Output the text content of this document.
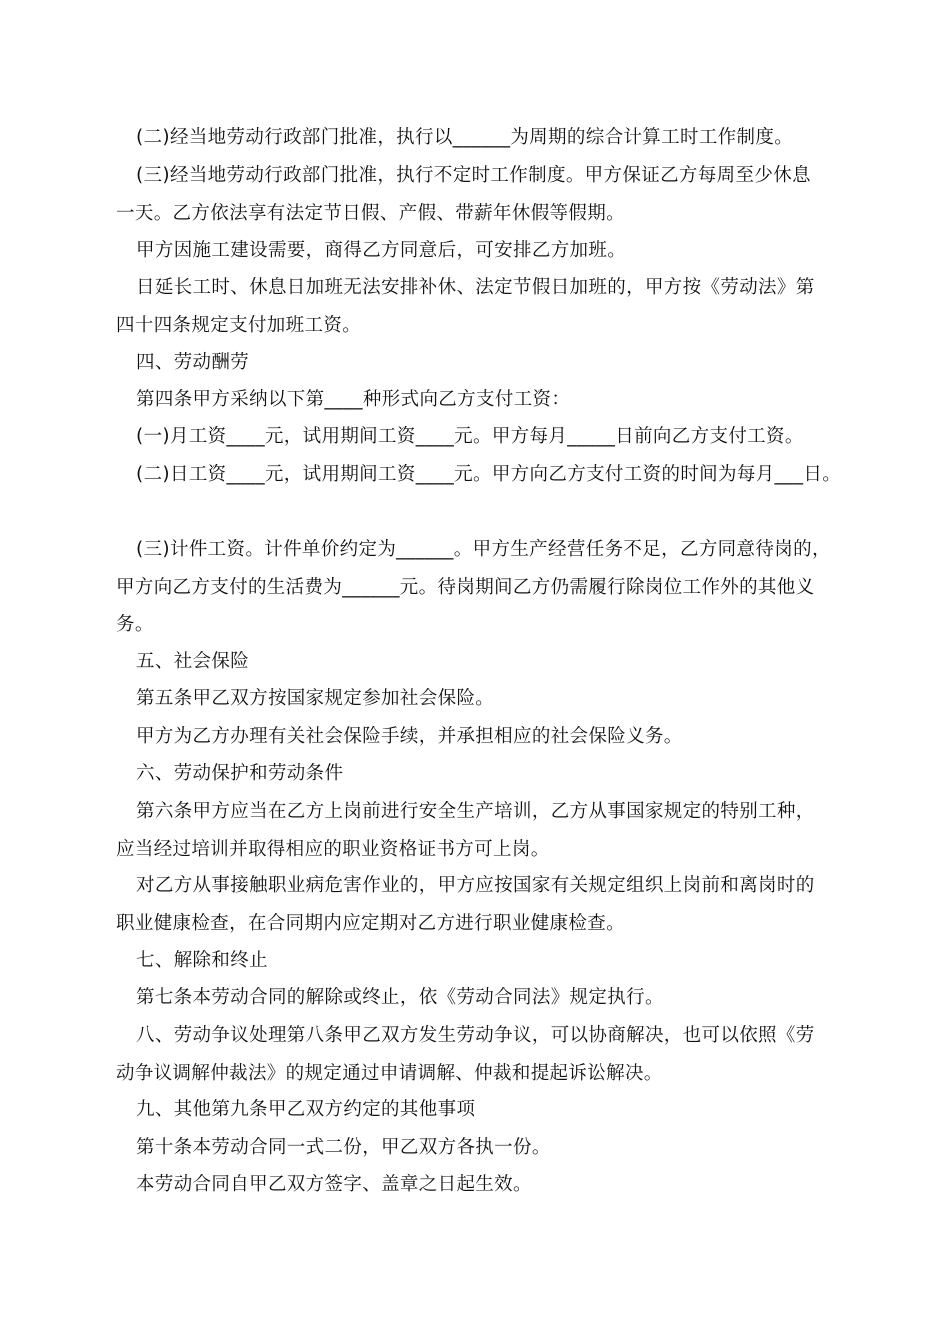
(二)经当地劳动行政部门批准，执行以______为周期的综合计算工时工作制度。
(三)经当地劳动行政部门批准，执行不定时工作制度。甲方保证乙方每周至少休息
一天。乙方依法享有法定节日假、产假、带薪年休假等假期。
甲方因施工建设需要，商得乙方同意后，可安排乙方加班。
日延长工时、休息日加班无法安排补休、法定节假日加班的，甲方按《劳动法》第
四十四条规定支付加班工资。
四、劳动酬劳
第四条甲方采纳以下第____种形式向乙方支付工资：
(一)月工资____元，试用期间工资____元。甲方每月_____日前向乙方支付工资。
(二)日工资____元，试用期间工资____元。甲方向乙方支付工资的时间为每月___日。
(三)计件工资。计件单价约定为______。甲方生产经营任务不足，乙方同意待岗的，
甲方向乙方支付的生活费为______元。待岗期间乙方仍需履行除岗位工作外的其他义
务。
五、社会保险
第五条甲乙双方按国家规定参加社会保险。
甲方为乙方办理有关社会保险手续，并承担相应的社会保险义务。
六、劳动保护和劳动条件
第六条甲方应当在乙方上岗前进行安全生产培训，乙方从事国家规定的特别工种，
应当经过培训并取得相应的职业资格证书方可上岗。
对乙方从事接触职业病危害作业的，甲方应按国家有关规定组织上岗前和离岗时的
职业健康检查，在合同期内应定期对乙方进行职业健康检查。
七、解除和终止
第七条本劳动合同的解除或终止，依《劳动合同法》规定执行。
八、劳动争议处理第八条甲乙双方发生劳动争议，可以协商解决，也可以依照《劳
动争议调解仲裁法》的规定通过申请调解、仲裁和提起诉讼解决。
九、其他第九条甲乙双方约定的其他事项
第十条本劳动合同一式二份，甲乙双方各执一份。
本劳动合同自甲乙双方签字、盖章之日起生效。
